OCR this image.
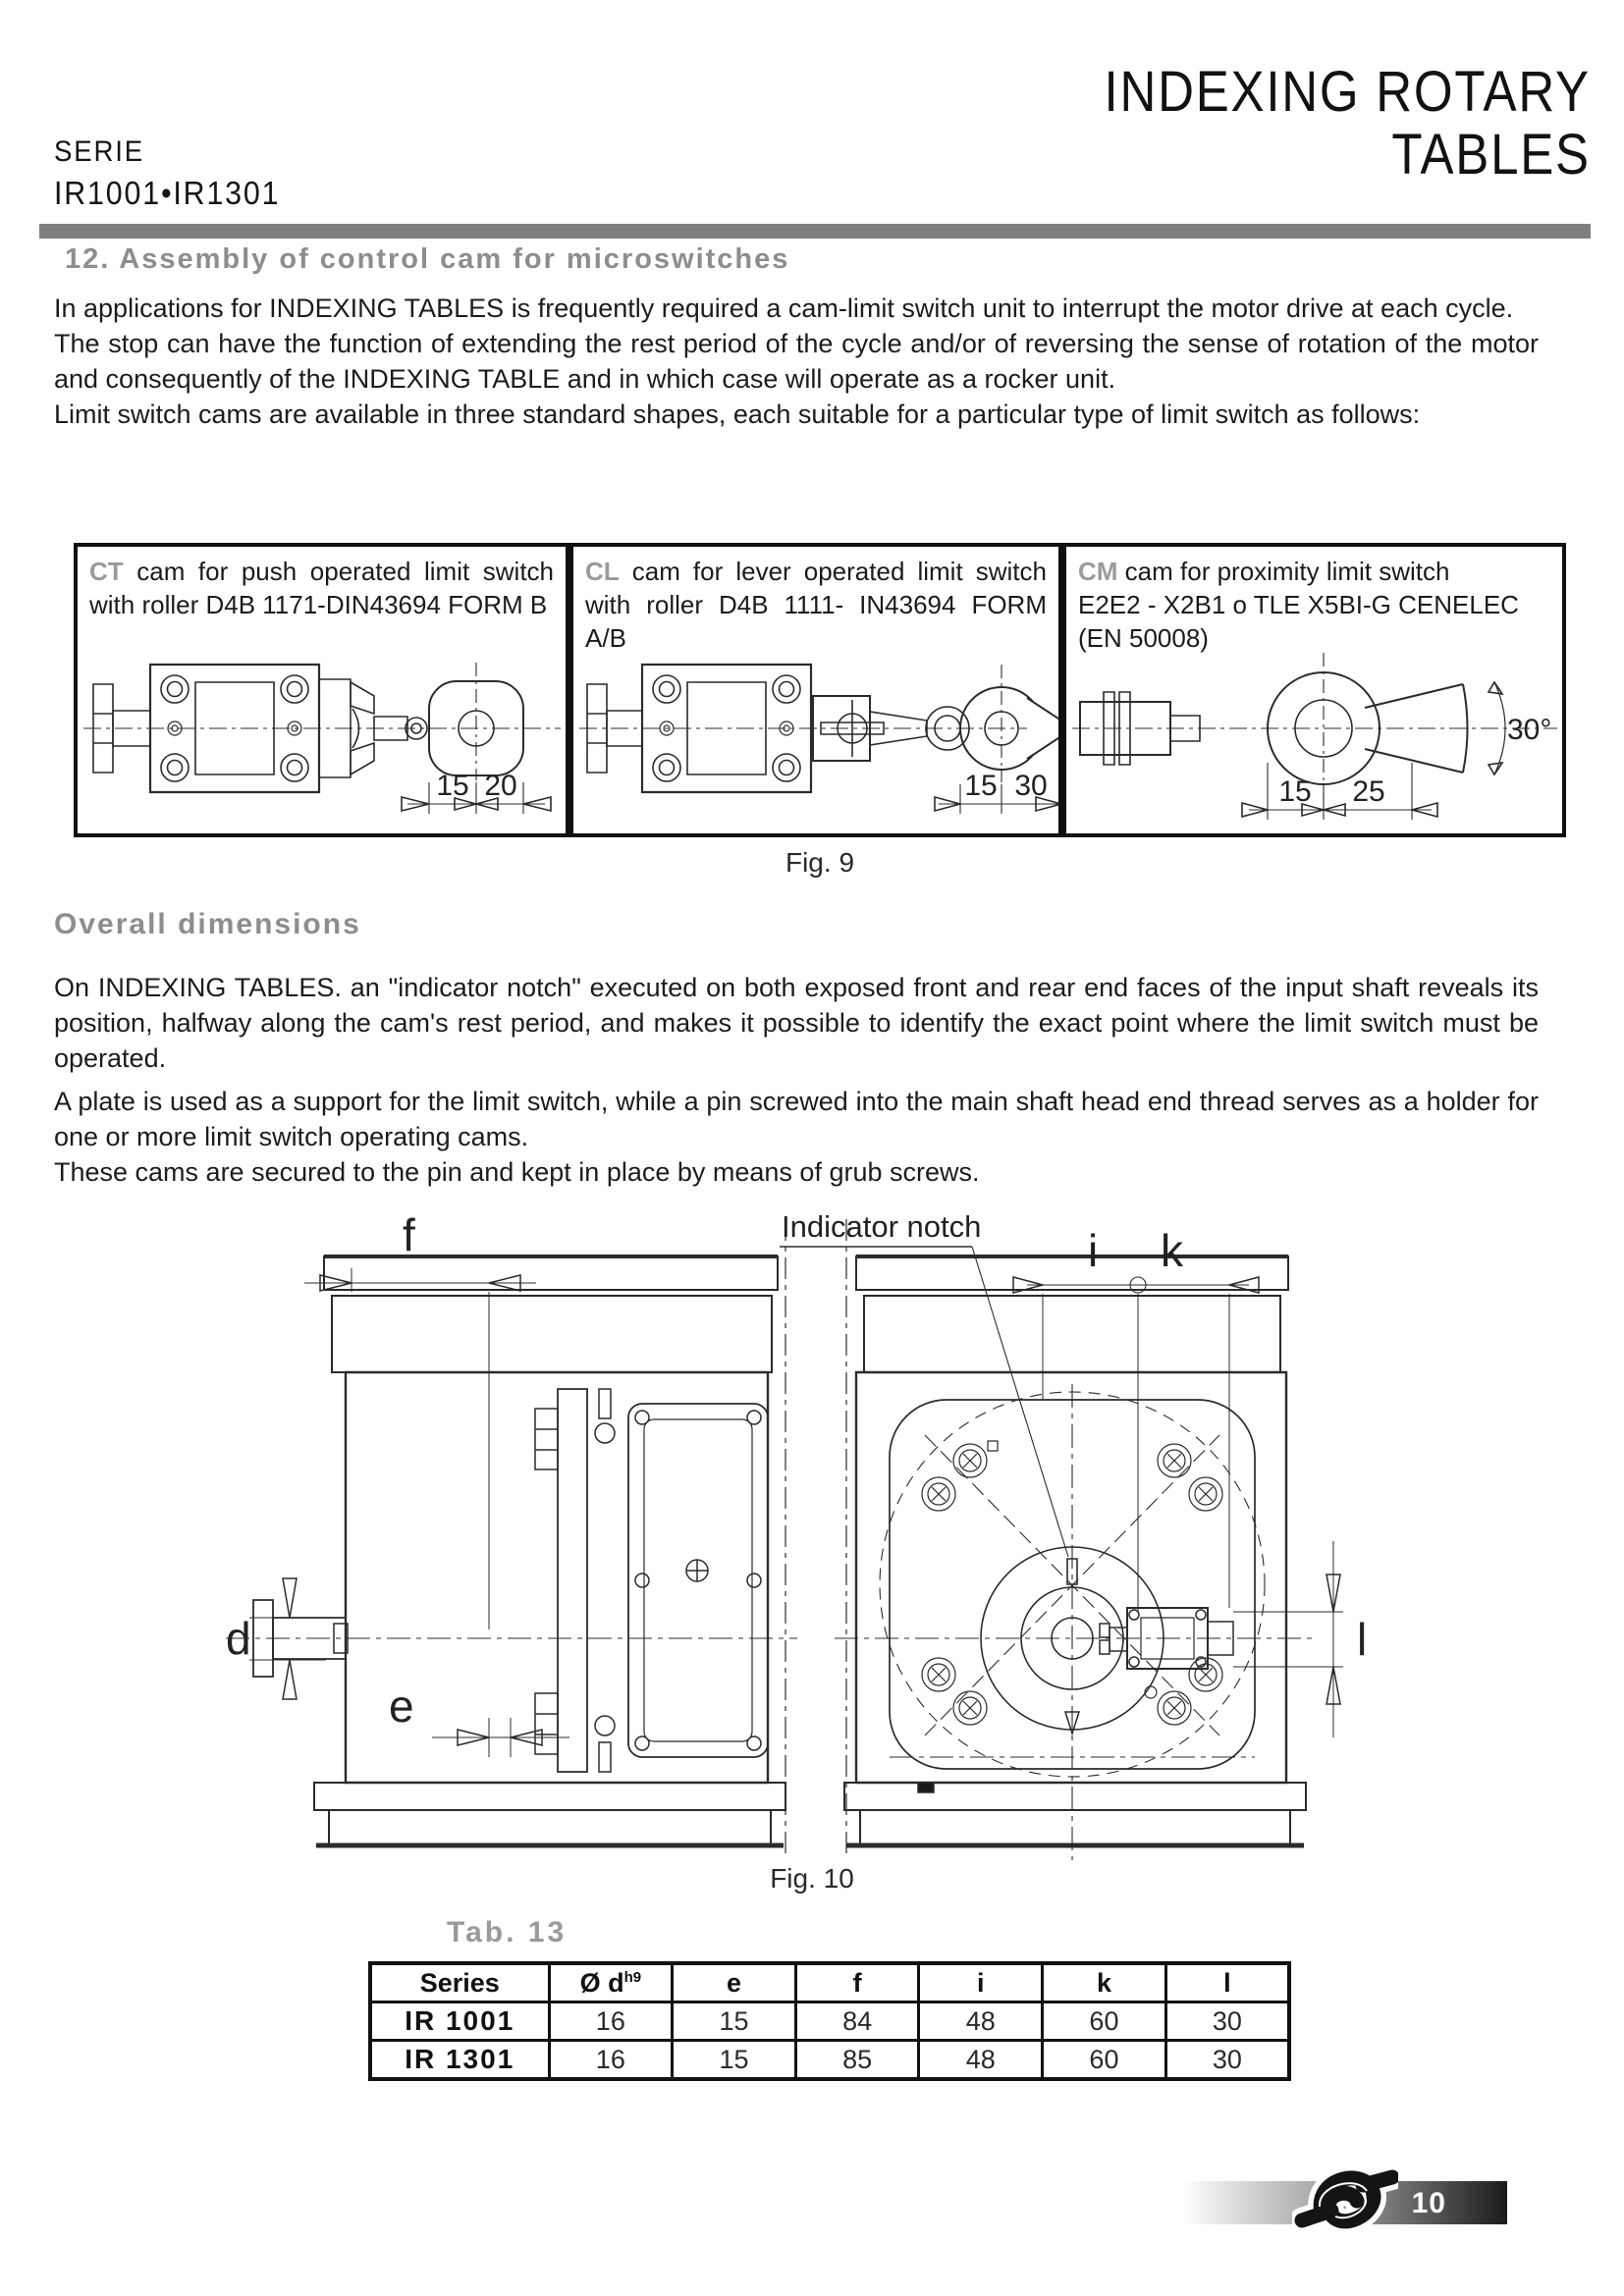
SERIE
IR1001•IR1301
INDEXING ROTARY
TABLES
12. Assembly of control cam for microswitches

In applications for INDEXING TABLES is frequently required a cam-limit switch unit to interrupt the motor drive at each cycle.

The stop can have the function of extending the rest period of the cycle and/or of reversing the sense of rotation of the motor and consequently of the INDEXING TABLE and in which case will operate as a rocker unit.

Limit switch cams are available in three standard shapes, each suitable for a particular type of limit switch as follows:

CT cam for push operated limit switch with roller D4B 1171-DIN43694 FORM B
15 20
CL cam for lever operated limit switch with roller D4B 1111- IN43694 FORM A/B
15 30
CM cam for proximity limit switch
E2E2 - X2B1 o TLE X5BI-G CENELEC
(EN 50008)
15 25
30°
Fig. 9
Overall dimensions

On INDEXING TABLES. an "indicator notch" executed on both exposed front and rear end faces of the input shaft reveals its position, halfway along the cam's rest period, and makes it possible to identify the exact point where the limit switch must be operated.

A plate is used as a support for the limit switch, while a pin screwed into the main shaft head end thread serves as a holder for one or more limit switch operating cams.

These cams are secured to the pin and kept in place by means of grub screws.

f
d
e
i k
l
Indicator notch
Fig. 10
Tab. 13
Series	Ø $d^{h9}$	e	f	i	k	l
IR 1001	16	15	84	48	60	30
IR 1301	16	15	85	48	60	30
10
